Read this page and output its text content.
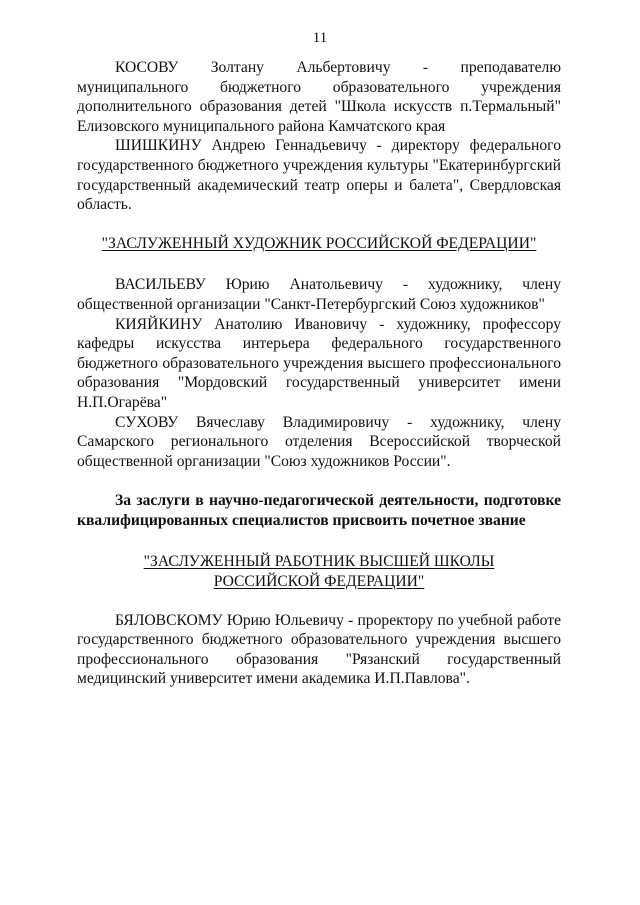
11

КОСОВУ Золтану Альбертовичу - преподавателю муниципального бюджетного образовательного учреждения дополнительного образования детей "Школа искусств п.Термальный" Елизовского муниципального района Камчатского края

ШИШКИНУ Андрею Геннадьевичу - директору федерального государственного бюджетного учреждения культуры "Екатеринбургский государственный академический театр оперы и балета", Свердловская область.

"ЗАСЛУЖЕННЫЙ ХУДОЖНИК РОССИЙСКОЙ ФЕДЕРАЦИИ"

ВАСИЛЬЕВУ Юрию Анатольевичу - художнику, члену общественной организации "Санкт-Петербургский Союз художников"

КИЯЙКИНУ Анатолию Ивановичу - художнику, профессору кафедры искусства интерьера федерального государственного бюджетного образовательного учреждения высшего профессионального образования "Мордовский государственный университет имени Н.П.Огарёва"

СУХОВУ Вячеславу Владимировичу - художнику, члену Самарского регионального отделения Всероссийской творческой общественной организации "Союз художников России".

За заслуги в научно-педагогической деятельности, подготовке квалифицированных специалистов присвоить почетное звание

"ЗАСЛУЖЕННЫЙ РАБОТНИК ВЫСШЕЙ ШКОЛЫ
РОССИЙСКОЙ ФЕДЕРАЦИИ"

БЯЛОВСКОМУ Юрию Юльевичу - проректору по учебной работе государственного бюджетного образовательного учреждения высшего профессионального образования "Рязанский государственный медицинский университет имени академика И.П.Павлова".
